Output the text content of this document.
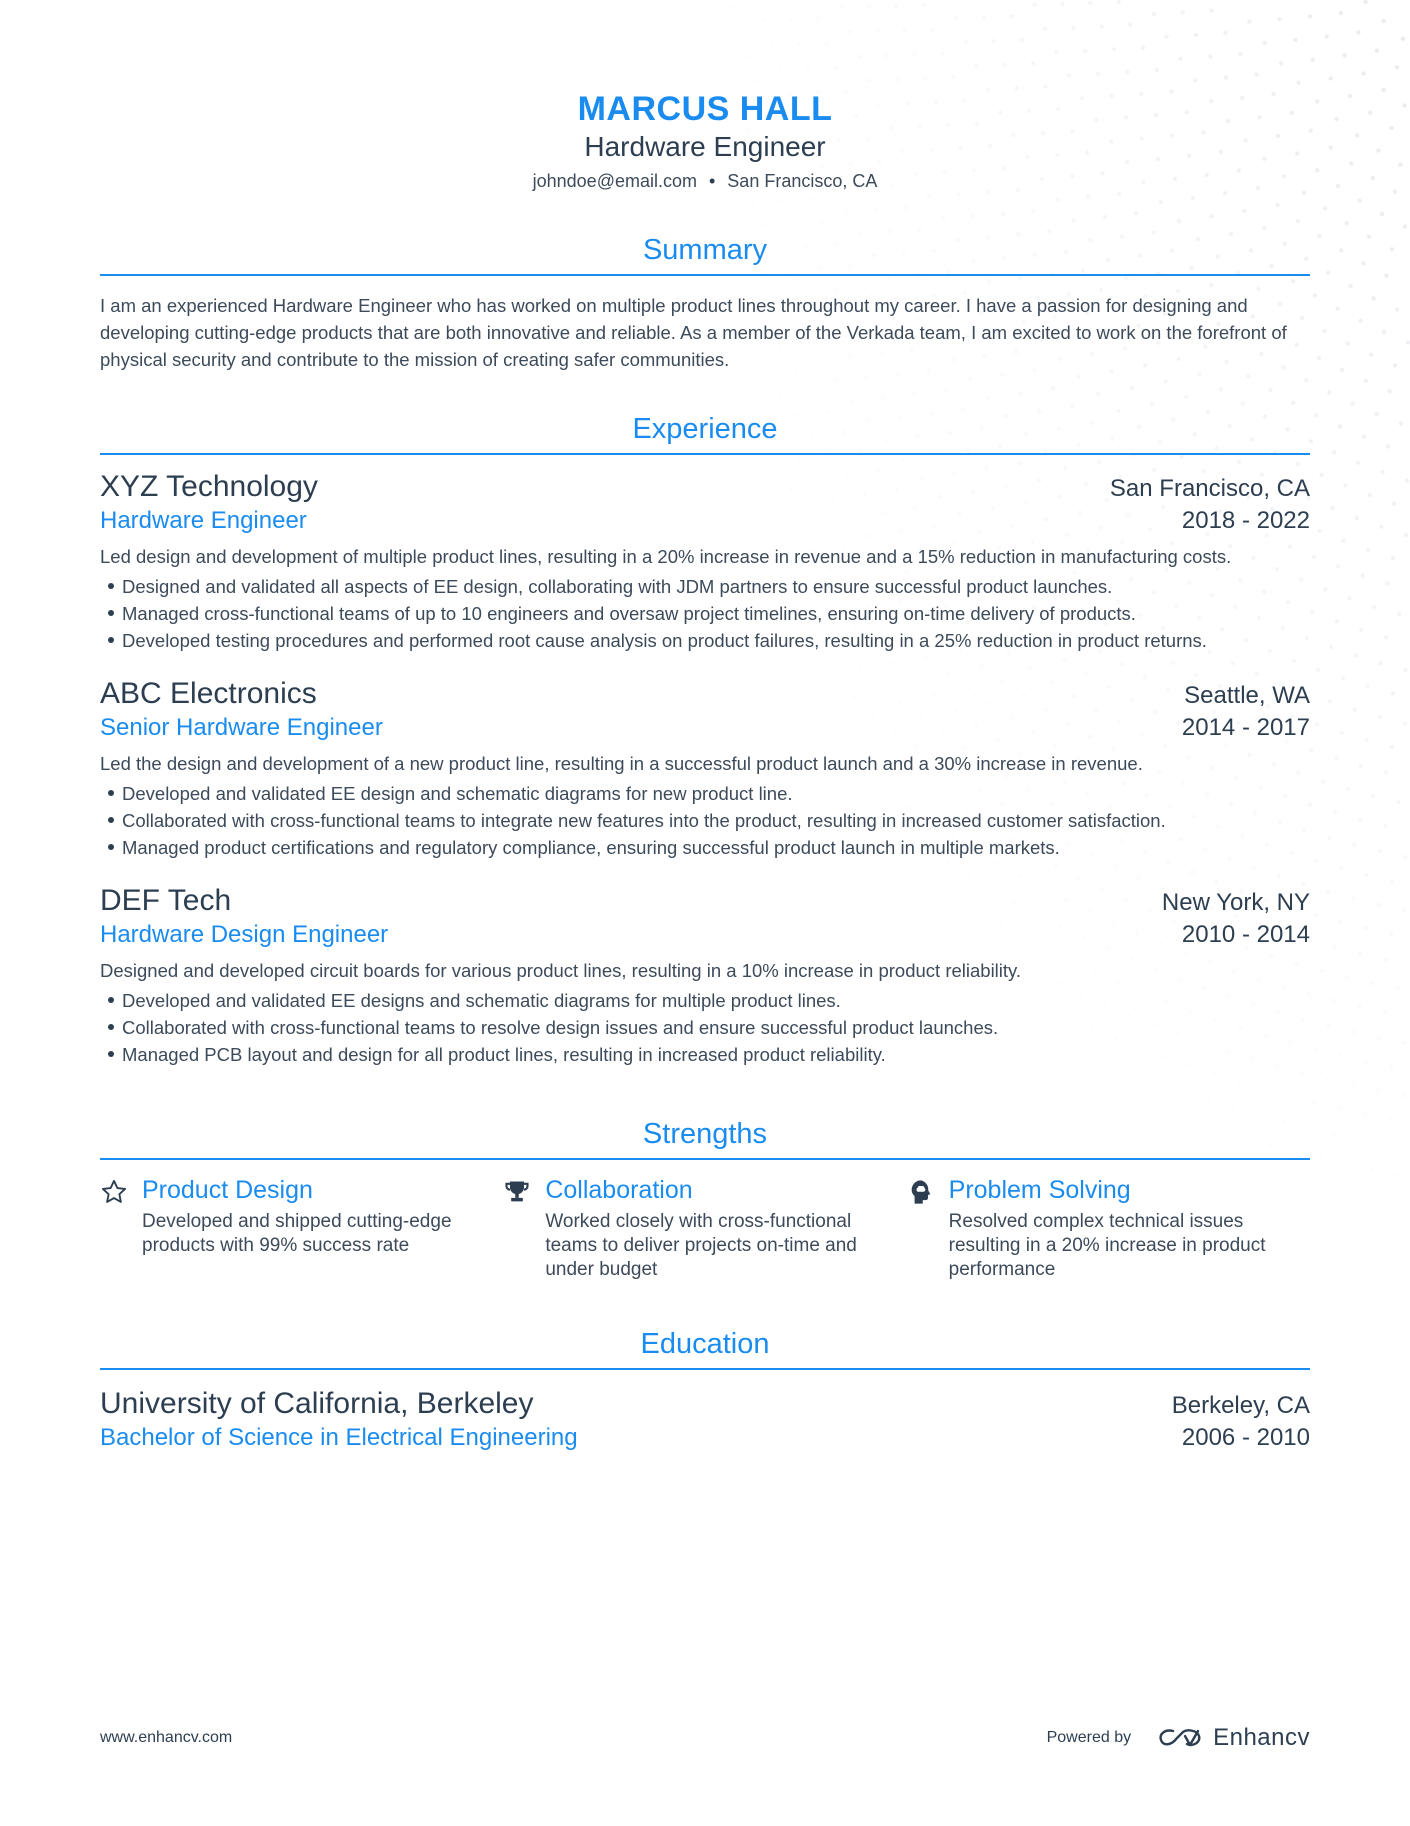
MARCUS HALL
Hardware Engineer
johndoe@email.com • San Francisco, CA
Summary
I am an experienced Hardware Engineer who has worked on multiple product lines throughout my career. I have a passion for designing and developing cutting-edge products that are both innovative and reliable. As a member of the Verkada team, I am excited to work on the forefront of physical security and contribute to the mission of creating safer communities.
Experience
XYZ Technology	San Francisco, CA
Hardware Engineer	2018 - 2022
Led design and development of multiple product lines, resulting in a 20% increase in revenue and a 15% reduction in manufacturing costs.
Designed and validated all aspects of EE design, collaborating with JDM partners to ensure successful product launches.
Managed cross-functional teams of up to 10 engineers and oversaw project timelines, ensuring on-time delivery of products.
Developed testing procedures and performed root cause analysis on product failures, resulting in a 25% reduction in product returns.
ABC Electronics	Seattle, WA
Senior Hardware Engineer	2014 - 2017
Led the design and development of a new product line, resulting in a successful product launch and a 30% increase in revenue.
Developed and validated EE design and schematic diagrams for new product line.
Collaborated with cross-functional teams to integrate new features into the product, resulting in increased customer satisfaction.
Managed product certifications and regulatory compliance, ensuring successful product launch in multiple markets.
DEF Tech	New York, NY
Hardware Design Engineer	2010 - 2014
Designed and developed circuit boards for various product lines, resulting in a 10% increase in product reliability.
Developed and validated EE designs and schematic diagrams for multiple product lines.
Collaborated with cross-functional teams to resolve design issues and ensure successful product launches.
Managed PCB layout and design for all product lines, resulting in increased product reliability.
Strengths
Product Design
Developed and shipped cutting-edge products with 99% success rate
Collaboration
Worked closely with cross-functional teams to deliver projects on-time and under budget
Problem Solving
Resolved complex technical issues resulting in a 20% increase in product performance
Education
University of California, Berkeley	Berkeley, CA
Bachelor of Science in Electrical Engineering	2006 - 2010
www.enhancv.com	Powered by	Enhancv
